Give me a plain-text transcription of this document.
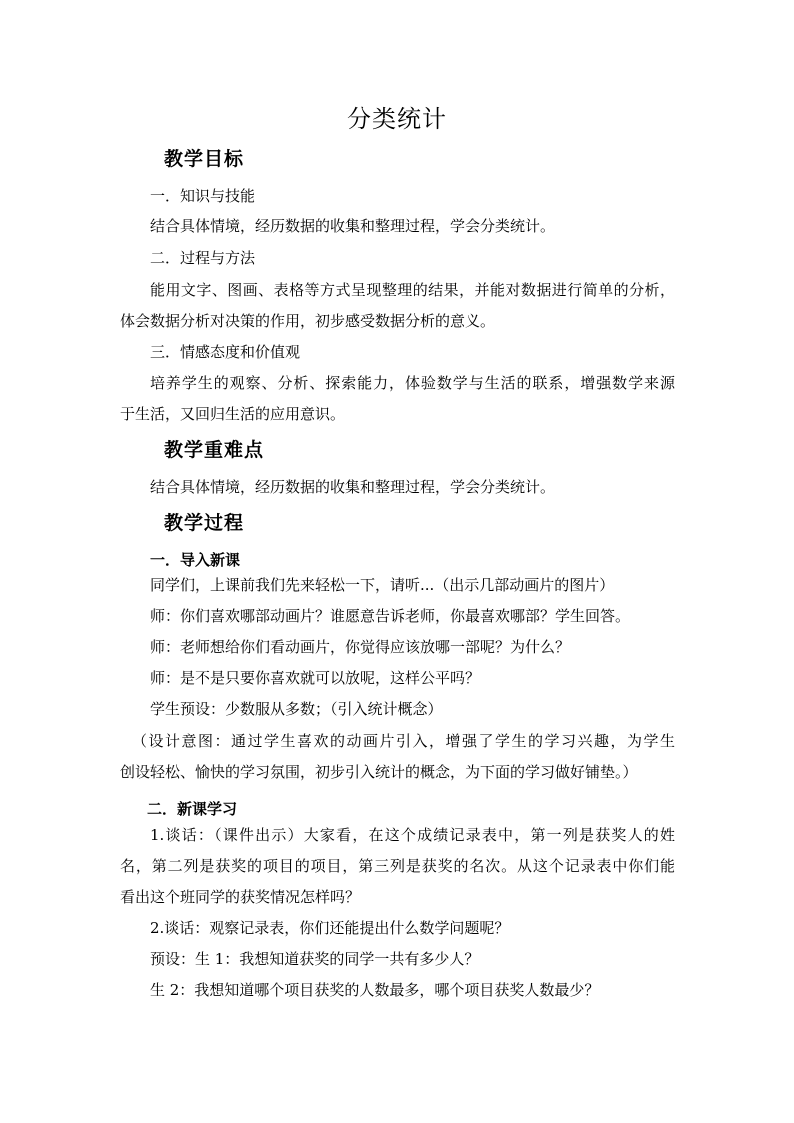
分类统计
教学目标
一．知识与技能
结合具体情境，经历数据的收集和整理过程，学会分类统计。
二．过程与方法
能用文字、图画、表格等方式呈现整理的结果，并能对数据进行简单的分析，
体会数据分析对决策的作用，初步感受数据分析的意义。
三．情感态度和价值观
培养学生的观察、分析、探索能力，体验数学与生活的联系，增强数学来源
于生活，又回归生活的应用意识。
教学重难点
结合具体情境，经历数据的收集和整理过程，学会分类统计。
教学过程
一．导入新课
同学们，上课前我们先来轻松一下，请听...（出示几部动画片的图片）
师：你们喜欢哪部动画片？谁愿意告诉老师，你最喜欢哪部？学生回答。
师：老师想给你们看动画片，你觉得应该放哪一部呢？为什么？
师：是不是只要你喜欢就可以放呢，这样公平吗？
学生预设：少数服从多数；（引入统计概念）
（设计意图：通过学生喜欢的动画片引入，增强了学生的学习兴趣，为学生
创设轻松、愉快的学习氛围，初步引入统计的概念，为下面的学习做好铺垫。）
二．新课学习
1.谈话：（课件出示）大家看，在这个成绩记录表中，第一列是获奖人的姓
名，第二列是获奖的项目的项目，第三列是获奖的名次。从这个记录表中你们能
看出这个班同学的获奖情况怎样吗？
2.谈话：观察记录表，你们还能提出什么数学问题呢？
预设：生 1：我想知道获奖的同学一共有多少人？
生 2：我想知道哪个项目获奖的人数最多，哪个项目获奖人数最少？
